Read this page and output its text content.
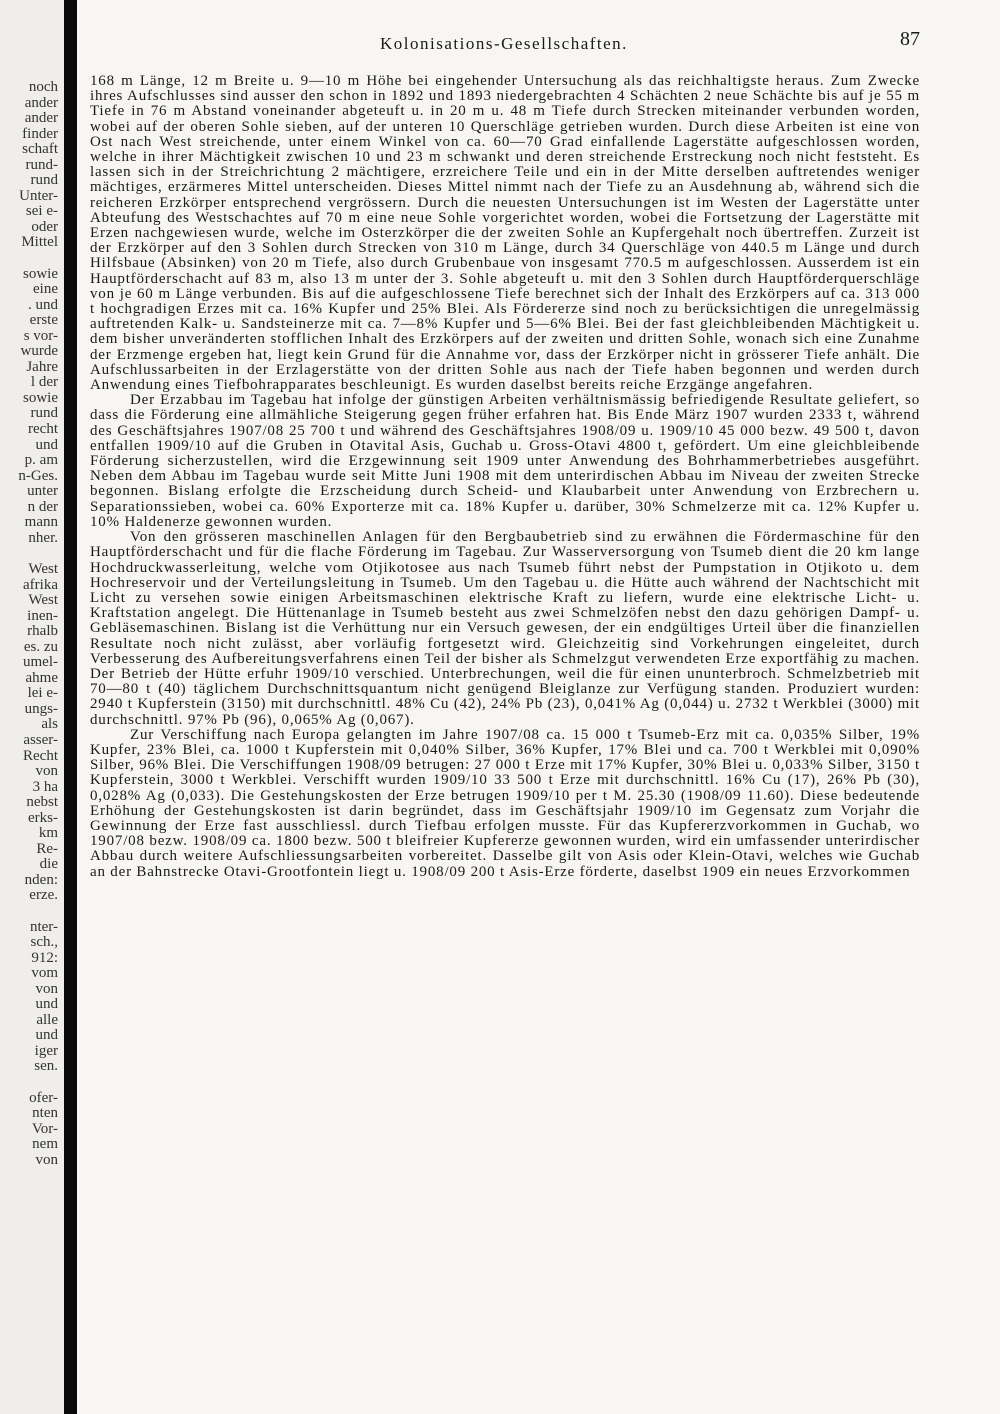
noch
ander
ander
finder
schaft
rund-
rund
Unter-
sei e-
oder
Mittel

sowie
eine
. und
erste
s vor-
wurde
Jahre
l der
sowie
rund
recht
und
p. am
n-Ges.
unter
n der
mann
nher.

West
afrika
West
inen-
rhalb
es. zu
umel-
ahme
lei e-
ungs-
als
asser-
Recht
von
3 ha
nebst
erks-
km
Re-
die
nden:
erze.

nter-
sch.,
912:
vom
von
und
alle
und
iger
sen.

ofer-
nten
Vor-
nem
von
Kolonisations-Gesellschaften.	87

168 m Länge, 12 m Breite u. 9—10 m Höhe bei eingehender Untersuchung als das reichhaltigste heraus. Zum Zwecke ihres Aufschlusses sind ausser den schon in 1892 und 1893 niedergebrachten 4 Schächten 2 neue Schächte bis auf je 55 m Tiefe in 76 m Abstand voneinander abgeteuft u. in 20 m u. 48 m Tiefe durch Strecken miteinander verbunden worden, wobei auf der oberen Sohle sieben, auf der unteren 10 Querschläge getrieben wurden. Durch diese Arbeiten ist eine von Ost nach West streichende, unter einem Winkel von ca. 60—70 Grad einfallende Lagerstätte aufgeschlossen worden, welche in ihrer Mächtigkeit zwischen 10 und 23 m schwankt und deren streichende Erstreckung noch nicht feststeht. Es lassen sich in der Streichrichtung 2 mächtigere, erzreichere Teile und ein in der Mitte derselben auftretendes weniger mächtiges, erzärmeres Mittel unterscheiden. Dieses Mittel nimmt nach der Tiefe zu an Ausdehnung ab, während sich die reicheren Erzkörper entsprechend vergrössern. Durch die neuesten Untersuchungen ist im Westen der Lagerstätte unter Abteufung des Westschachtes auf 70 m eine neue Sohle vorgerichtet worden, wobei die Fortsetzung der Lagerstätte mit Erzen nachgewiesen wurde, welche im Osterzkörper die der zweiten Sohle an Kupfergehalt noch übertreffen. Zurzeit ist der Erzkörper auf den 3 Sohlen durch Strecken von 310 m Länge, durch 34 Querschläge von 440.5 m Länge und durch Hilfsbaue (Absinken) von 20 m Tiefe, also durch Grubenbaue von insgesamt 770.5 m aufgeschlossen. Ausserdem ist ein Hauptförderschacht auf 83 m, also 13 m unter der 3. Sohle abgeteuft u. mit den 3 Sohlen durch Hauptförderquerschläge von je 60 m Länge verbunden. Bis auf die aufgeschlossene Tiefe berechnet sich der Inhalt des Erzkörpers auf ca. 313 000 t hochgradigen Erzes mit ca. 16% Kupfer und 25% Blei. Als Fördererze sind noch zu berücksichtigen die unregelmässig auftretenden Kalk- u. Sandsteinerze mit ca. 7—8% Kupfer und 5—6% Blei. Bei der fast gleichbleibenden Mächtigkeit u. dem bisher unveränderten stofflichen Inhalt des Erzkörpers auf der zweiten und dritten Sohle, wonach sich eine Zunahme der Erzmenge ergeben hat, liegt kein Grund für die Annahme vor, dass der Erzkörper nicht in grösserer Tiefe anhält. Die Aufschlussarbeiten in der Erzlagerstätte von der dritten Sohle aus nach der Tiefe haben begonnen und werden durch Anwendung eines Tiefbohrapparates beschleunigt. Es wurden daselbst bereits reiche Erzgänge angefahren.

Der Erzabbau im Tagebau hat infolge der günstigen Arbeiten verhältnismässig befriedigende Resultate geliefert, so dass die Förderung eine allmähliche Steigerung gegen früher erfahren hat. Bis Ende März 1907 wurden 2333 t, während des Geschäftsjahres 1907/08 25 700 t und während des Geschäftsjahres 1908/09 u. 1909/10 45 000 bezw. 49 500 t, davon entfallen 1909/10 auf die Gruben in Otavital Asis, Guchab u. Gross-Otavi 4800 t, gefördert. Um eine gleichbleibende Förderung sicherzustellen, wird die Erzgewinnung seit 1909 unter Anwendung des Bohrhammerbetriebes ausgeführt. Neben dem Abbau im Tagebau wurde seit Mitte Juni 1908 mit dem unterirdischen Abbau im Niveau der zweiten Strecke begonnen. Bislang erfolgte die Erzscheidung durch Scheid- und Klaubarbeit unter Anwendung von Erzbrechern u. Separationssieben, wobei ca. 60% Exporterze mit ca. 18% Kupfer u. darüber, 30% Schmelzerze mit ca. 12% Kupfer u. 10% Haldenerze gewonnen wurden.

Von den grösseren maschinellen Anlagen für den Bergbaubetrieb sind zu erwähnen die Fördermaschine für den Hauptförderschacht und für die flache Förderung im Tagebau. Zur Wasserversorgung von Tsumeb dient die 20 km lange Hochdruckwasserleitung, welche vom Otjikotosee aus nach Tsumeb führt nebst der Pumpstation in Otjikoto u. dem Hochreservoir und der Verteilungsleitung in Tsumeb. Um den Tagebau u. die Hütte auch während der Nachtschicht mit Licht zu versehen sowie einigen Arbeitsmaschinen elektrische Kraft zu liefern, wurde eine elektrische Licht- u. Kraftstation angelegt. Die Hüttenanlage in Tsumeb besteht aus zwei Schmelzöfen nebst den dazu gehörigen Dampf- u. Gebläsemaschinen. Bislang ist die Verhüttung nur ein Versuch gewesen, der ein endgültiges Urteil über die finanziellen Resultate noch nicht zulässt, aber vorläufig fortgesetzt wird. Gleichzeitig sind Vorkehrungen eingeleitet, durch Verbesserung des Aufbereitungsverfahrens einen Teil der bisher als Schmelzgut verwendeten Erze exportfähig zu machen. Der Betrieb der Hütte erfuhr 1909/10 verschied. Unterbrechungen, weil die für einen ununterbroch. Schmelzbetrieb mit 70—80 t (40) täglichem Durchschnittsquantum nicht genügend Bleiglanze zur Verfügung standen. Produziert wurden: 2940 t Kupferstein (3150) mit durchschnittl. 48% Cu (42), 24% Pb (23), 0,041% Ag (0,044) u. 2732 t Werkblei (3000) mit durchschnittl. 97% Pb (96), 0,065% Ag (0,067).

Zur Verschiffung nach Europa gelangten im Jahre 1907/08 ca. 15 000 t Tsumeb-Erz mit ca. 0,035% Silber, 19% Kupfer, 23% Blei, ca. 1000 t Kupferstein mit 0,040% Silber, 36% Kupfer, 17% Blei und ca. 700 t Werkblei mit 0,090% Silber, 96% Blei. Die Verschiffungen 1908/09 betrugen: 27 000 t Erze mit 17% Kupfer, 30% Blei u. 0,033% Silber, 3150 t Kupferstein, 3000 t Werkblei. Verschifft wurden 1909/10 33 500 t Erze mit durchschnittl. 16% Cu (17), 26% Pb (30), 0,028% Ag (0,033). Die Gestehungskosten der Erze betrugen 1909/10 per t M. 25.30 (1908/09 11.60). Diese bedeutende Erhöhung der Gestehungskosten ist darin begründet, dass im Geschäftsjahr 1909/10 im Gegensatz zum Vorjahr die Gewinnung der Erze fast ausschliessl. durch Tiefbau erfolgen musste. Für das Kupfererzvorkommen in Guchab, wo 1907/08 bezw. 1908/09 ca. 1800 bezw. 500 t bleifreier Kupfererze gewonnen wurden, wird ein umfassender unterirdischer Abbau durch weitere Aufschliessungsarbeiten vorbereitet. Dasselbe gilt von Asis oder Klein-Otavi, welches wie Guchab an der Bahnstrecke Otavi-Grootfontein liegt u. 1908/09 200 t Asis-Erze förderte, daselbst 1909 ein neues Erzvorkommen
